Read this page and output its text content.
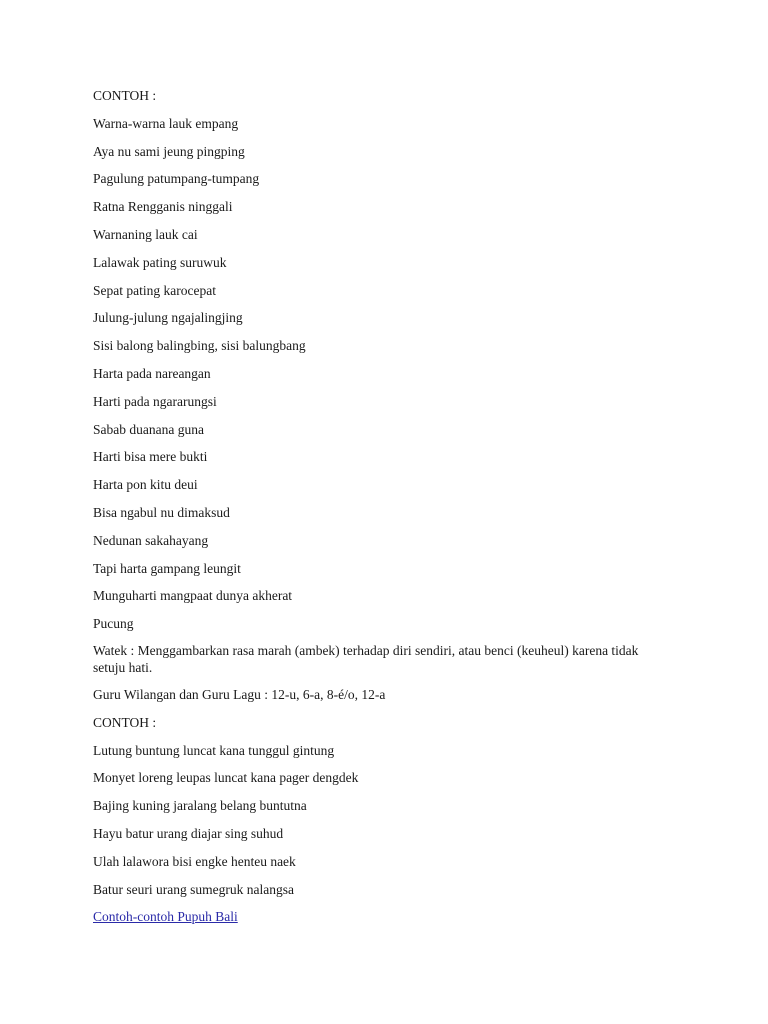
CONTOH :
Warna-warna lauk empang
Aya nu sami jeung pingping
Pagulung patumpang-tumpang
Ratna Rengganis ninggali
Warnaning lauk cai
Lalawak pating suruwuk
Sepat pating karocepat
Julung-julung ngajalingjing
Sisi balong balingbing, sisi balungbang
Harta pada nareangan
Harti pada ngararungsi
Sabab duanana guna
Harti bisa mere bukti
Harta pon kitu deui
Bisa ngabul nu dimaksud
Nedunan sakahayang
Tapi harta gampang leungit
Munguharti mangpaat dunya akherat
Pucung
Watek : Menggambarkan rasa marah (ambek) terhadap diri sendiri, atau benci (keuheul) karena tidak setuju hati.
Guru Wilangan dan Guru Lagu : 12-u, 6-a, 8-é/o, 12-a
CONTOH :
Lutung buntung luncat kana tunggul gintung
Monyet loreng leupas luncat kana pager dengdek
Bajing kuning jaralang belang buntutna
Hayu batur urang diajar sing suhud
Ulah lalawora bisi engke henteu naek
Batur seuri urang sumegruk nalangsa
Contoh-contoh Pupuh Bali
